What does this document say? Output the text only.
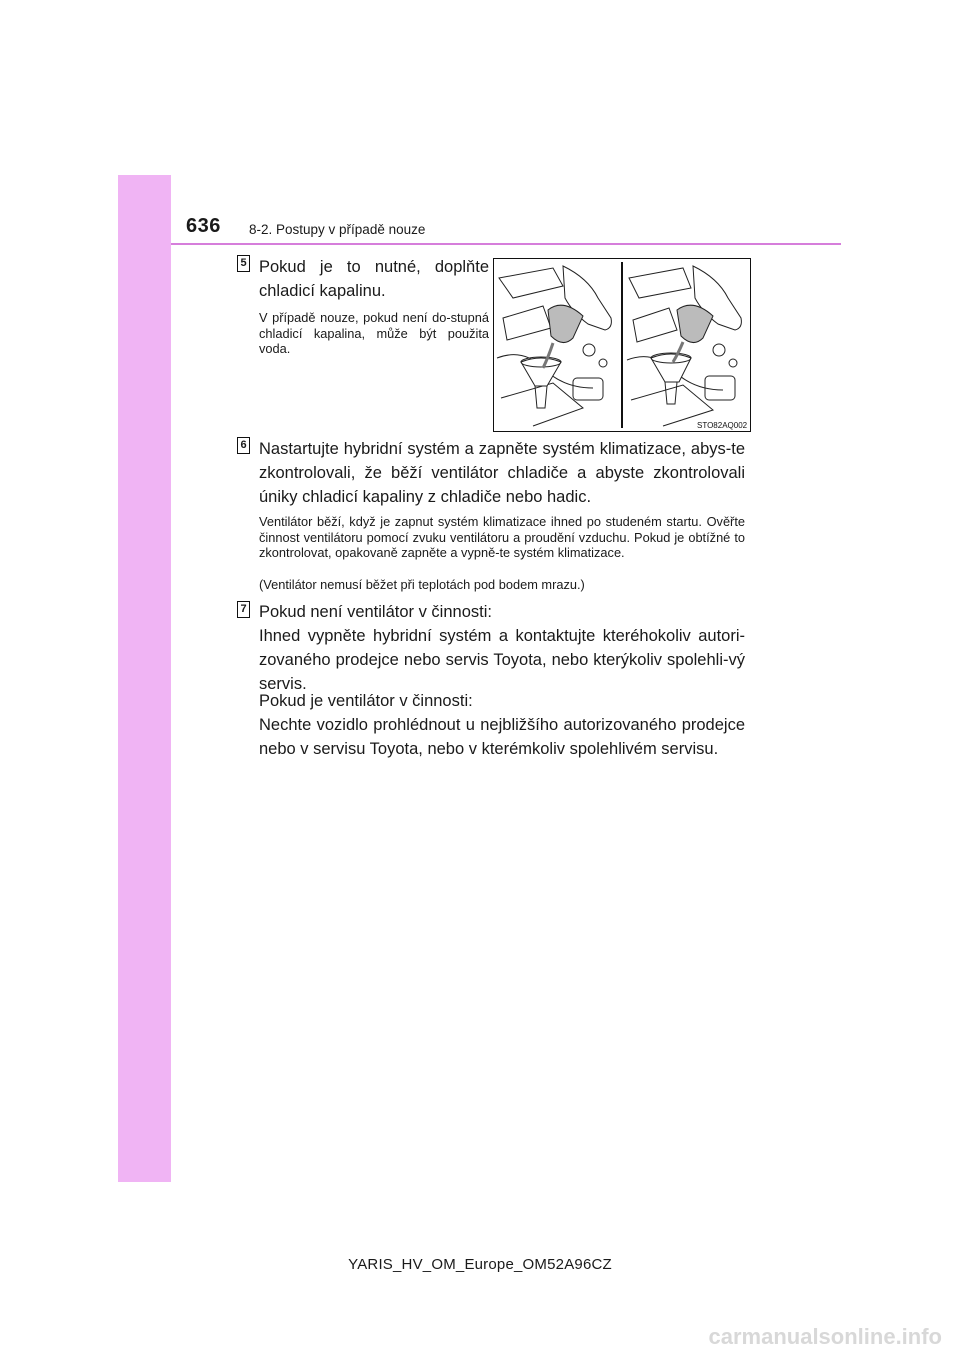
636 8-2. Postupy v případě nouze
5 Pokud je to nutné, doplňte chladicí kapalinu.
V případě nouze, pokud není do-stupná chladicí kapalina, může být použita voda.
STO82AQ002
6 Nastartujte hybridní systém a zapněte systém klimatizace, abys-te zkontrolovali, že běží ventilátor chladiče a abyste zkontrolovali úniky chladicí kapaliny z chladiče nebo hadic.
Ventilátor běží, když je zapnut systém klimatizace ihned po studeném startu. Ověřte činnost ventilátoru pomocí zvuku ventilátoru a proudění vzduchu. Pokud je obtížné to zkontrolovat, opakovaně zapněte a vypně-te systém klimatizace.
(Ventilátor nemusí běžet při teplotách pod bodem mrazu.)
7 Pokud není ventilátor v činnosti:
Ihned vypněte hybridní systém a kontaktujte kteréhokoliv autori-zovaného prodejce nebo servis Toyota, nebo kterýkoliv spolehli-vý servis.
Pokud je ventilátor v činnosti:
Nechte vozidlo prohlédnout u nejbližšího autorizovaného prodejce nebo v servisu Toyota, nebo v kterémkoliv spolehlivém servisu.
YARIS_HV_OM_Europe_OM52A96CZ
carmanualsonline.info
